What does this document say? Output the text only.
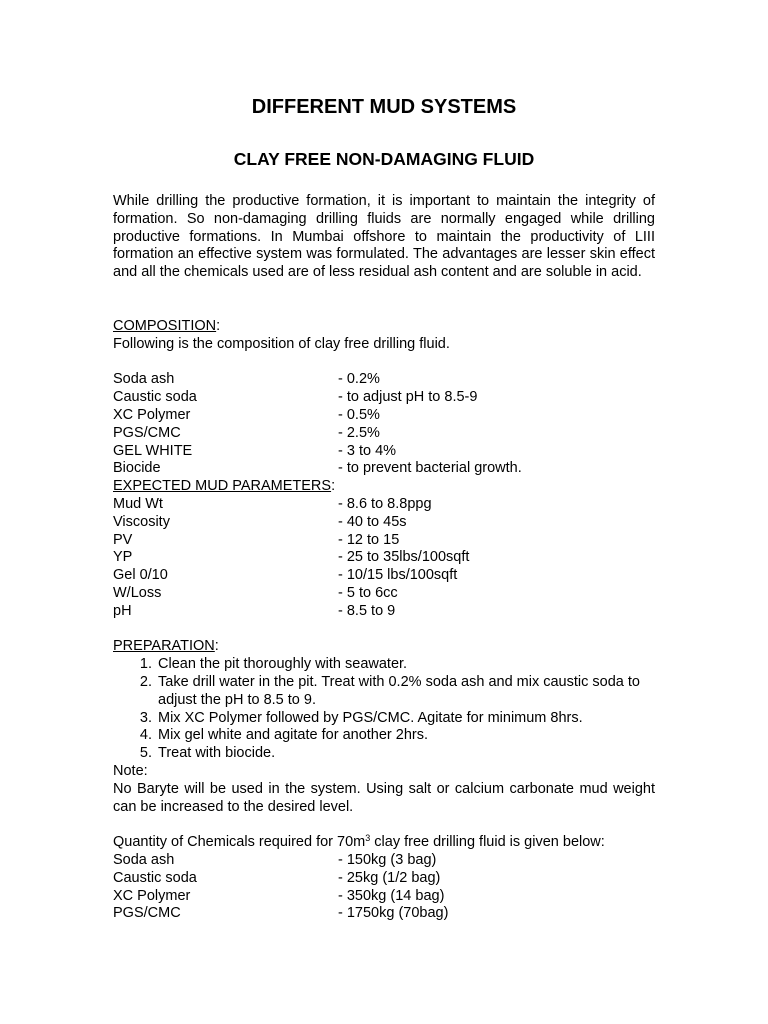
DIFFERENT MUD SYSTEMS
CLAY FREE NON-DAMAGING FLUID

While drilling the productive formation, it is important to maintain the integrity of formation. So non-damaging drilling fluids are normally engaged while drilling productive formations. In Mumbai offshore to maintain the productivity of LIII formation an effective system was formulated. The advantages are lesser skin effect and all the chemicals used are of less residual ash content and are soluble in acid.

COMPOSITION:
Following is the composition of clay free drilling fluid.
Soda ash	- 0.2%
Caustic soda	- to adjust pH to 8.5-9
XC Polymer	- 0.5%
PGS/CMC	- 2.5%
GEL WHITE	- 3 to 4%
Biocide	- to prevent bacterial growth.
EXPECTED MUD PARAMETERS:
Mud Wt	- 8.6 to 8.8ppg
Viscosity	- 40 to 45s
PV	- 12 to 15
YP	- 25 to 35lbs/100sqft
Gel 0/10	- 10/15 lbs/100sqft
W/Loss	- 5 to 6cc
pH	- 8.5 to 9
PREPARATION:
1. Clean the pit thoroughly with seawater.
2. Take drill water in the pit. Treat with 0.2% soda ash and mix caustic soda to adjust the pH to 8.5 to 9.
3. Mix XC Polymer followed by PGS/CMC. Agitate for minimum 8hrs.
4. Mix gel white and agitate for another 2hrs.
5. Treat with biocide.
Note:

No Baryte will be used in the system. Using salt or calcium carbonate mud weight can be increased to the desired level.

Quantity of Chemicals required for $70m^3$ clay free drilling fluid is given below:
Soda ash	- 150kg (3 bag)
Caustic soda	- 25kg (1/2 bag)
XC Polymer	- 350kg (14 bag)
PGS/CMC	- 1750kg (70bag)
